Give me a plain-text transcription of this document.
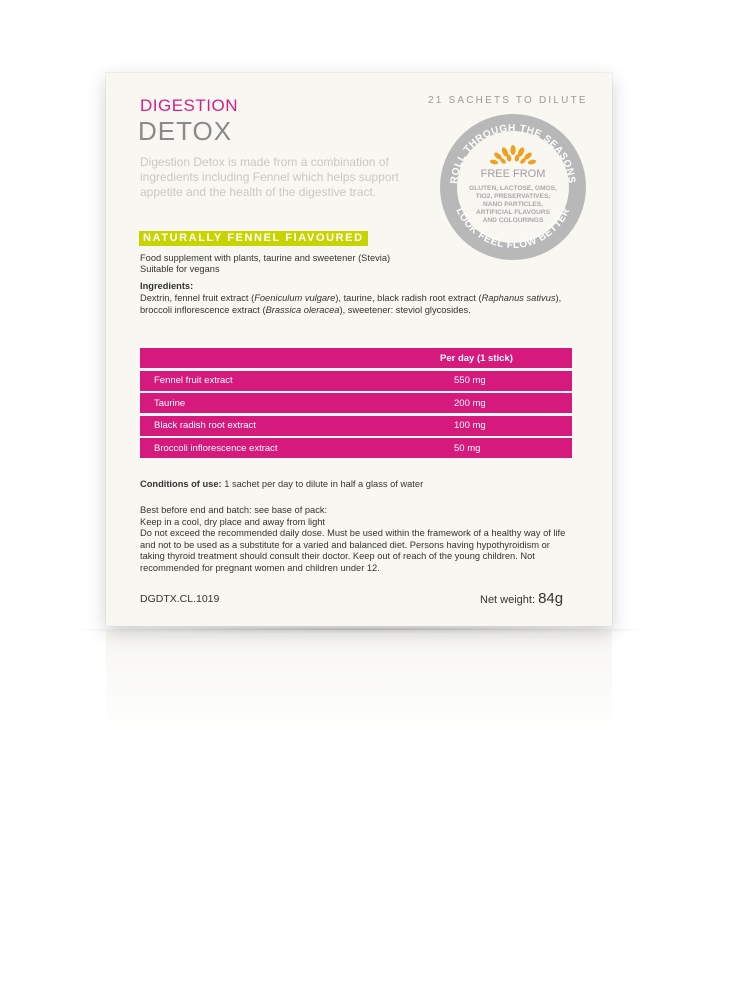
DIGESTION
DETOX
21 SACHETS TO DILUTE
Digestion Detox is made from a combination of ingredients including Fennel which helps support appetite and the health of the digestive tract.
NATURALLY FENNEL FlAVOURED
Food supplement with plants, taurine and sweetener (Stevia)
Suitable for vegans
Ingredients:
Dextrin, fennel fruit extract (Foeniculum vulgare), taurine, black radish root extract (Raphanus sativus), broccoli inflorescence extract (Brassica oleracea), sweetener: steviol glycosides.
Per day (1 stick)
Fennel fruit extract	550 mg
Taurine	200 mg
Black radish root extract	100 mg
Broccoli inflorescence extract	50 mg
Conditions of use: 1 sachet per day to dilute in half a glass of water
Best before end and batch: see base of pack:
Keep in a cool, dry place and away from light
Do not exceed the recommended daily dose. Must be used within the framework of a healthy way of life and not to be used as a substitute for a varied and balanced diet. Persons having hypothyroidism or taking thyroid treatment should consult their doctor. Keep out of reach of the young children. Not recommended for pregnant women and children under 12.
DGDTX.CL.1019	Net weight: 84g
ROLL THROUGH THE SEASONS
LOOK FEEL FLOW BETTER
FREE FROM
GLUTEN, LACTOSE, GMOS,
TIO2, PRESERVATIVES,
NANO PARTICLES,
ARTIFICIAL FLAVOURS
AND COLOURINGS
